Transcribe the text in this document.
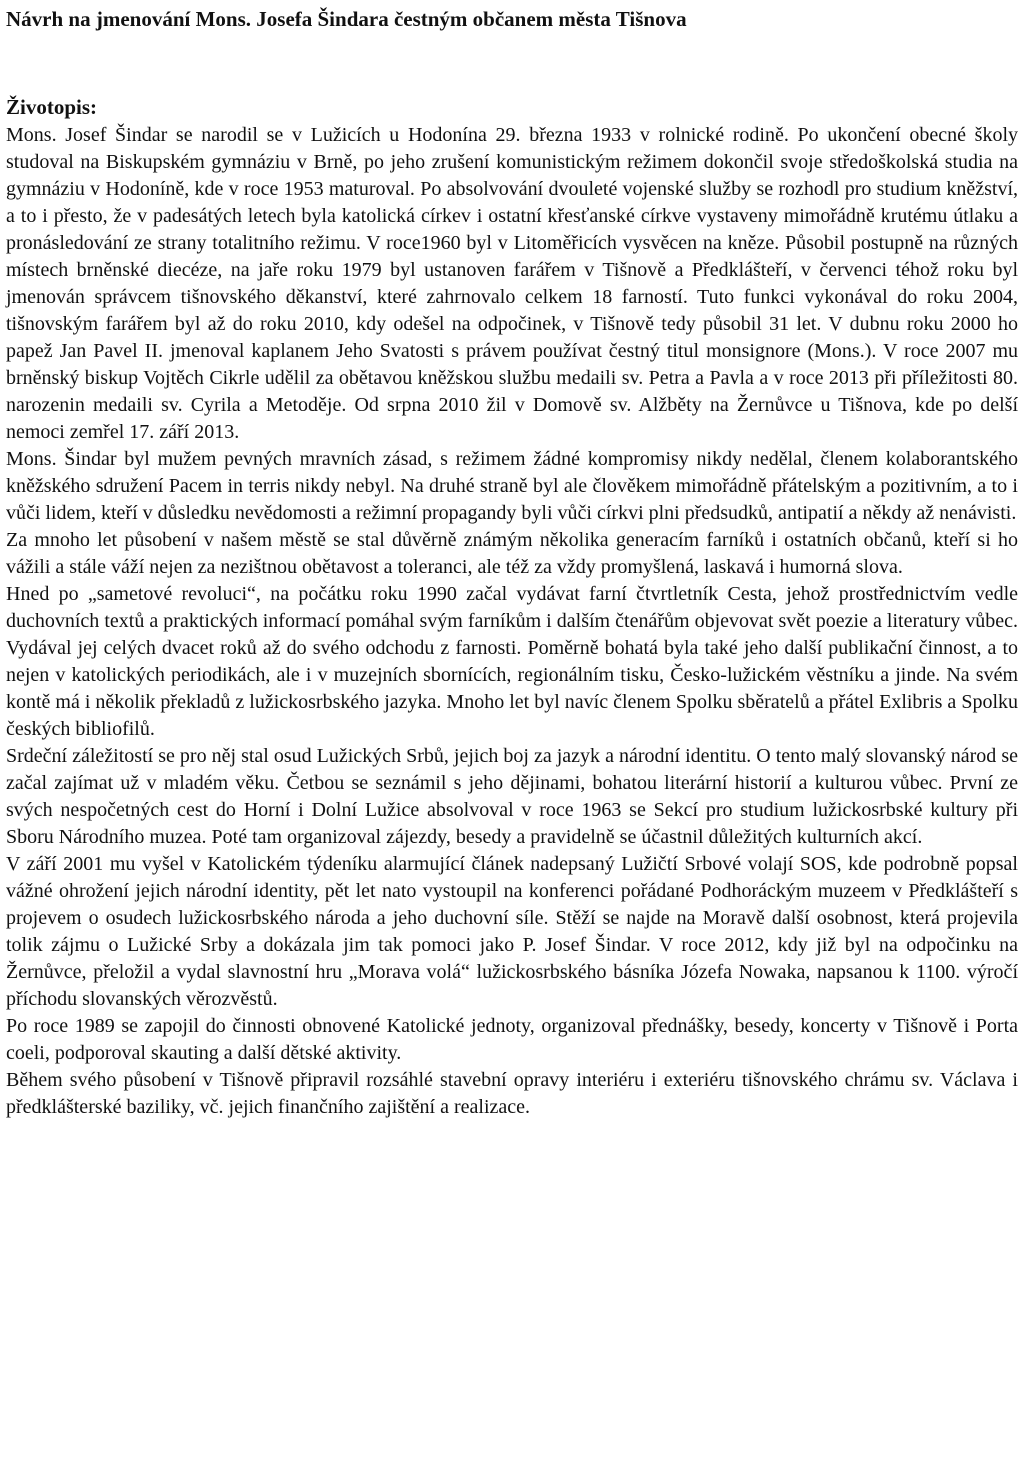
Návrh na jmenování Mons. Josefa Šindara čestným občanem města Tišnova
Životopis:

Mons. Josef Šindar se narodil se v Lužicích u Hodonína 29. března 1933 v rolnické rodině. Po ukončení obecné školy studoval na Biskupském gymnáziu v Brně, po jeho zrušení komunistickým režimem dokončil svoje středoškolská studia na gymnáziu v Hodoníně, kde v roce 1953 maturoval. Po absolvování dvouleté vojenské služby se rozhodl pro studium kněžství, a to i přesto, že v padesátých letech byla katolická církev i ostatní křesťanské církve vystaveny mimořádně krutému útlaku a pronásledování ze strany totalitního režimu. V roce1960 byl v Litoměřicích vysvěcen na kněze. Působil postupně na různých místech brněnské diecéze, na jaře roku 1979 byl ustanoven farářem v Tišnově a Předklášteří, v červenci téhož roku byl jmenován správcem tišnovského děkanství, které zahrnovalo celkem 18 farností. Tuto funkci vykonával do roku 2004, tišnovským farářem byl až do roku 2010, kdy odešel na odpočinek, v Tišnově tedy působil 31 let. V dubnu roku 2000 ho papež Jan Pavel II. jmenoval kaplanem Jeho Svatosti s právem používat čestný titul monsignore (Mons.). V roce 2007 mu brněnský biskup Vojtěch Cikrle udělil za obětavou kněžskou službu medaili sv. Petra a Pavla a v roce 2013 při příležitosti 80. narozenin medaili sv. Cyrila a Metoděje. Od srpna 2010 žil v Domově sv. Alžběty na Žernůvce u Tišnova, kde po delší nemoci zemřel 17. září 2013.

Mons. Šindar byl mužem pevných mravních zásad, s režimem žádné kompromisy nikdy nedělal, členem kolaborantského kněžského sdružení Pacem in terris nikdy nebyl. Na druhé straně byl ale člověkem mimořádně přátelským a pozitivním, a to i vůči lidem, kteří v důsledku nevědomosti a režimní propagandy byli vůči církvi plni předsudků, antipatií a někdy až nenávisti.

Za mnoho let působení v našem městě se stal důvěrně známým několika generacím farníků i ostatních občanů, kteří si ho vážili a stále váží nejen za nezištnou obětavost a toleranci, ale též za vždy promyšlená, laskavá i humorná slova.

Hned po „sametové revoluci“, na počátku roku 1990 začal vydávat farní čtvrtletník Cesta, jehož prostřednictvím vedle duchovních textů a praktických informací pomáhal svým farníkům i dalším čtenářům objevovat svět poezie a literatury vůbec. Vydával jej celých dvacet roků až do svého odchodu z farnosti. Poměrně bohatá byla také jeho další publikační činnost, a to nejen v katolických periodikách, ale i v muzejních sbornících, regionálním tisku, Česko-lužickém věstníku a jinde. Na svém kontě má i několik překladů z lužickosrbského jazyka. Mnoho let byl navíc členem Spolku sběratelů a přátel Exlibris a Spolku českých bibliofilů.

Srdeční záležitostí se pro něj stal osud Lužických Srbů, jejich boj za jazyk a národní identitu. O tento malý slovanský národ se začal zajímat už v mladém věku. Četbou se seznámil s jeho dějinami, bohatou literární historií a kulturou vůbec. První ze svých nespočetných cest do Horní i Dolní Lužice absolvoval v roce 1963 se Sekcí pro studium lužickosrbské kultury při Sboru Národního muzea. Poté tam organizoval zájezdy, besedy a pravidelně se účastnil důležitých kulturních akcí.

V září 2001 mu vyšel v Katolickém týdeníku alarmující článek nadepsaný Lužičtí Srbové volají SOS, kde podrobně popsal vážné ohrožení jejich národní identity, pět let nato vystoupil na konferenci pořádané Podhoráckým muzeem v Předklášteří s projevem o osudech lužickosrbského národa a jeho duchovní síle. Stěží se najde na Moravě další osobnost, která projevila tolik zájmu o Lužické Srby a dokázala jim tak pomoci jako P. Josef Šindar. V roce 2012, kdy již byl na odpočinku na Žernůvce, přeložil a vydal slavnostní hru „Morava volá“ lužickosrbského básníka Józefa Nowaka, napsanou k 1100. výročí příchodu slovanských věrozvěstů.

Po roce 1989 se zapojil do činnosti obnovené Katolické jednoty, organizoval přednášky, besedy, koncerty v Tišnově i Porta coeli, podporoval skauting a další dětské aktivity.

Během svého působení v Tišnově připravil rozsáhlé stavební opravy interiéru i exteriéru tišnovského chrámu sv. Václava i předklášterské baziliky, vč. jejich finančního zajištění a realizace.
